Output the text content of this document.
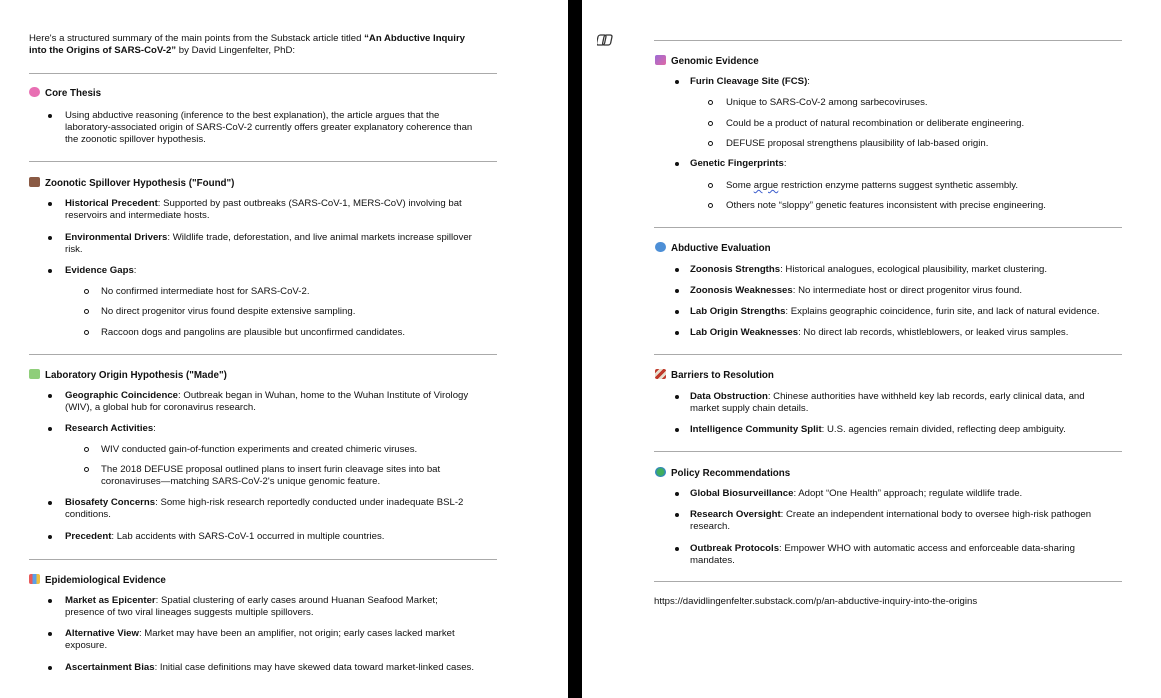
Here's a structured summary of the main points from the Substack article titled “An Abductive Inquiry
into the Origins of SARS-CoV-2” by David Lingenfelter, PhD:
Core Thesis
Using abductive reasoning (inference to the best explanation), the article argues that the
laboratory-associated origin of SARS-CoV-2 currently offers greater explanatory coherence than
the zoonotic spillover hypothesis.
Zoonotic Spillover Hypothesis ("Found")
Historical Precedent: Supported by past outbreaks (SARS-CoV-1, MERS-CoV) involving bat
reservoirs and intermediate hosts.
Environmental Drivers: Wildlife trade, deforestation, and live animal markets increase spillover
risk.
Evidence Gaps:
No confirmed intermediate host for SARS-CoV-2.
No direct progenitor virus found despite extensive sampling.
Raccoon dogs and pangolins are plausible but unconfirmed candidates.
Laboratory Origin Hypothesis ("Made")
Geographic Coincidence: Outbreak began in Wuhan, home to the Wuhan Institute of Virology
(WIV), a global hub for coronavirus research.
Research Activities:
WIV conducted gain-of-function experiments and created chimeric viruses.
The 2018 DEFUSE proposal outlined plans to insert furin cleavage sites into bat
coronaviruses—matching SARS-CoV-2's unique genomic feature.
Biosafety Concerns: Some high-risk research reportedly conducted under inadequate BSL-2
conditions.
Precedent: Lab accidents with SARS-CoV-1 occurred in multiple countries.
Epidemiological Evidence
Market as Epicenter: Spatial clustering of early cases around Huanan Seafood Market;
presence of two viral lineages suggests multiple spillovers.
Alternative View: Market may have been an amplifier, not origin; early cases lacked market
exposure.
Ascertainment Bias: Initial case definitions may have skewed data toward market-linked cases.
Genomic Evidence
Furin Cleavage Site (FCS):
Unique to SARS-CoV-2 among sarbecoviruses.
Could be a product of natural recombination or deliberate engineering.
DEFUSE proposal strengthens plausibility of lab-based origin.
Genetic Fingerprints:
Some argue restriction enzyme patterns suggest synthetic assembly.
Others note “sloppy” genetic features inconsistent with precise engineering.
Abductive Evaluation
Zoonosis Strengths: Historical analogues, ecological plausibility, market clustering.
Zoonosis Weaknesses: No intermediate host or direct progenitor virus found.
Lab Origin Strengths: Explains geographic coincidence, furin site, and lack of natural evidence.
Lab Origin Weaknesses: No direct lab records, whistleblowers, or leaked virus samples.
Barriers to Resolution
Data Obstruction: Chinese authorities have withheld key lab records, early clinical data, and
market supply chain details.
Intelligence Community Split: U.S. agencies remain divided, reflecting deep ambiguity.
Policy Recommendations
Global Biosurveillance: Adopt “One Health” approach; regulate wildlife trade.
Research Oversight: Create an independent international body to oversee high-risk pathogen
research.
Outbreak Protocols: Empower WHO with automatic access and enforceable data-sharing
mandates.
https://davidlingenfelter.substack.com/p/an-abductive-inquiry-into-the-origins
